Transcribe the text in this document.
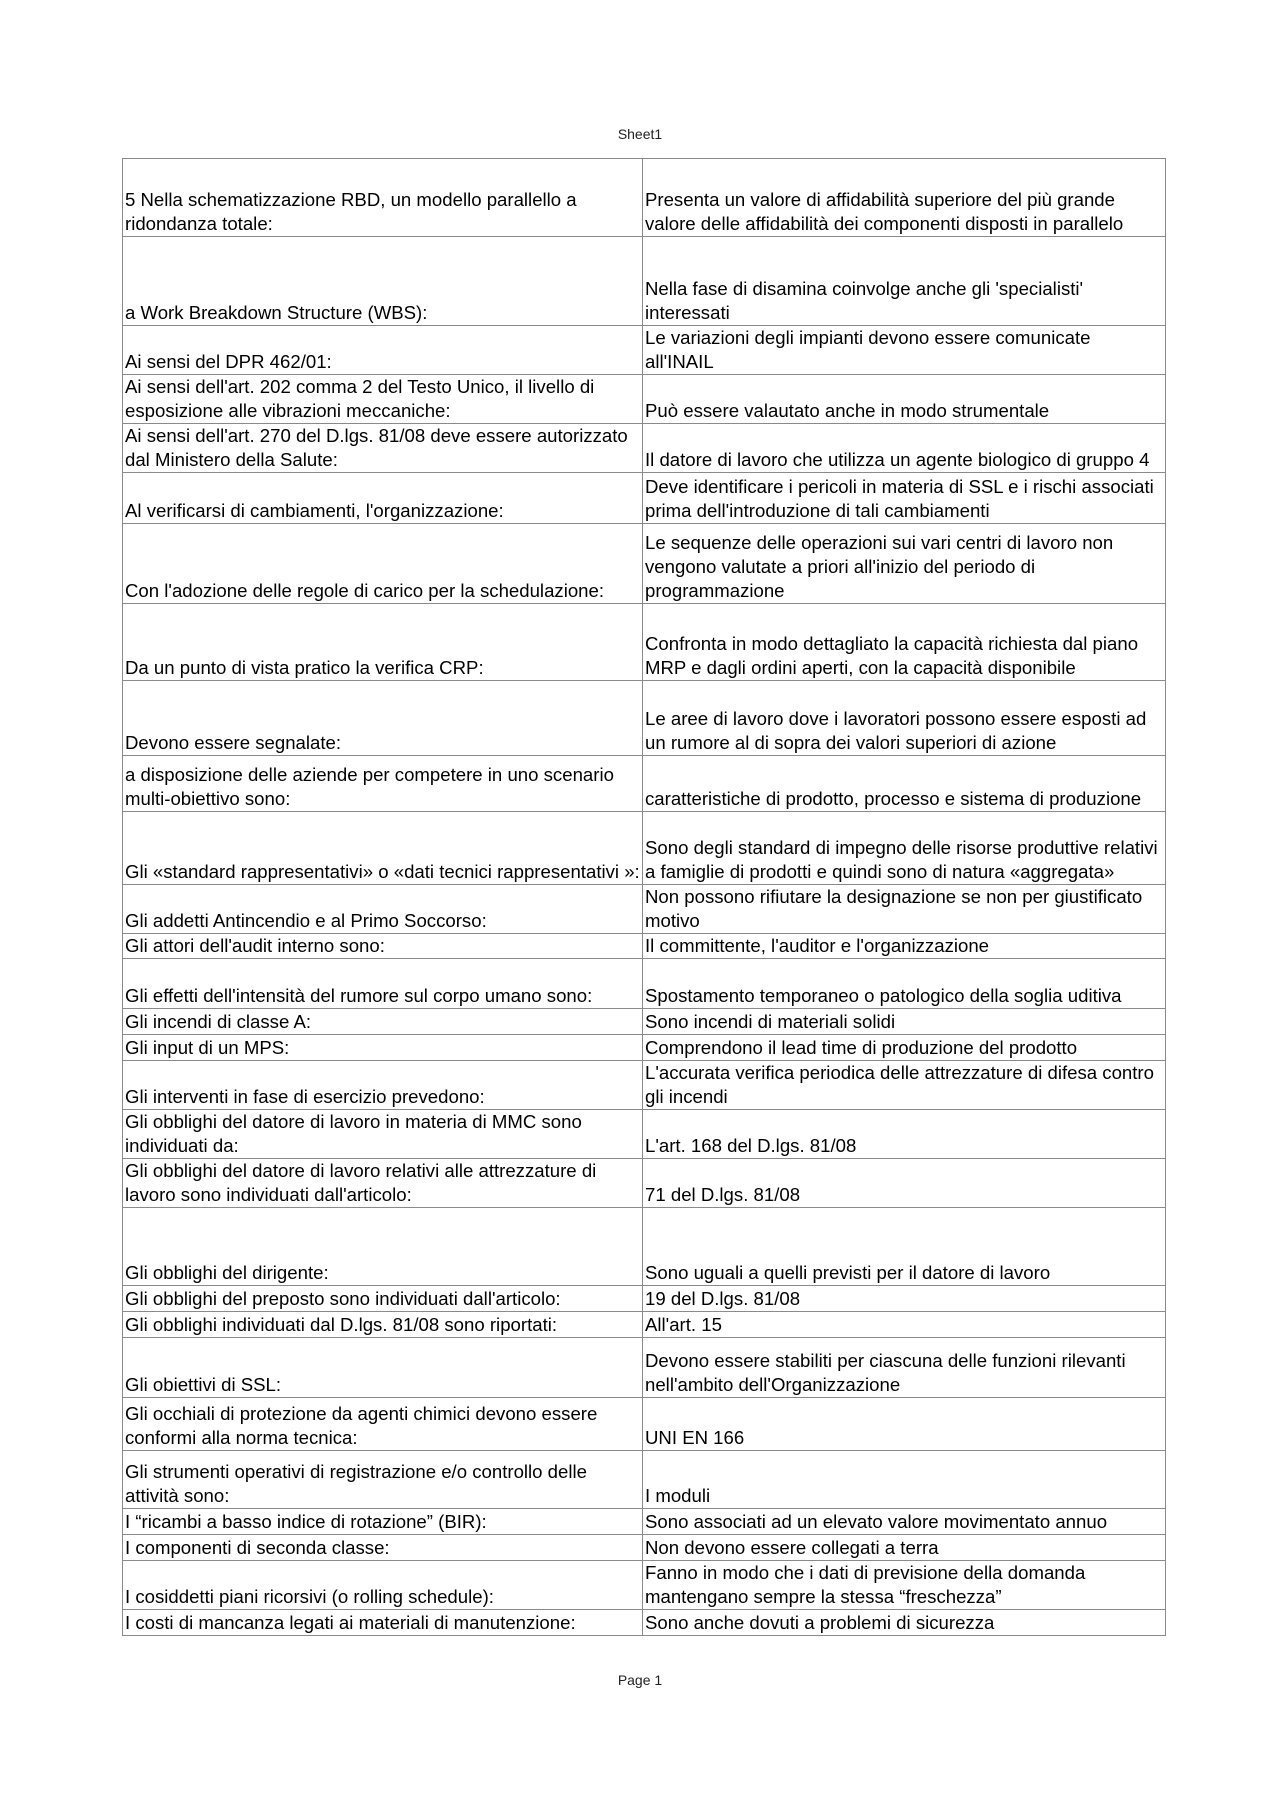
Sheet1
5 Nella schematizzazione RBD, un modello parallello a ridondanza totale:	Presenta un valore di affidabilità superiore del più grande valore delle affidabilità dei componenti disposti in parallelo
a Work Breakdown Structure (WBS):	Nella fase di disamina coinvolge anche gli 'specialisti' interessati
Ai sensi del DPR 462/01:	Le variazioni degli impianti devono essere comunicate all'INAIL
Ai sensi dell'art. 202 comma 2 del Testo Unico, il livello di esposizione alle vibrazioni meccaniche:	Può essere valautato anche in modo strumentale
Ai sensi dell'art. 270 del D.lgs. 81/08 deve essere autorizzato dal Ministero della Salute:	Il datore di lavoro che utilizza un agente biologico di gruppo 4
Al verificarsi di cambiamenti, l'organizzazione:	Deve identificare i pericoli in materia di SSL e i rischi associati prima dell'introduzione di tali cambiamenti
Con l'adozione delle regole di carico per la schedulazione:	Le sequenze delle operazioni sui vari centri di lavoro non vengono valutate a priori all'inizio del periodo di programmazione
Da un punto di vista pratico la verifica CRP:	Confronta in modo dettagliato la capacità richiesta dal piano MRP e dagli ordini aperti, con la capacità disponibile
Devono essere segnalate:	Le aree di lavoro dove i lavoratori possono essere esposti ad un rumore al di sopra dei valori superiori di azione
a disposizione delle aziende per competere in uno scenario multi-obiettivo sono:	caratteristiche di prodotto, processo e sistema di produzione
Gli «standard rappresentativi» o «dati tecnici rappresentativi »:	Sono degli standard di impegno delle risorse produttive relativi a famiglie di prodotti e quindi sono di natura «aggregata»
Gli addetti Antincendio e al Primo Soccorso:	Non possono rifiutare la designazione se non per giustificato motivo
Gli attori dell'audit interno sono:	Il committente, l'auditor e l'organizzazione
Gli effetti dell'intensità del rumore sul corpo umano sono:	Spostamento temporaneo o patologico della soglia uditiva
Gli incendi di classe A:	Sono incendi di materiali solidi
Gli input di un MPS:	Comprendono il lead time di produzione del prodotto
Gli interventi in fase di esercizio prevedono:	L'accurata verifica periodica delle attrezzature di difesa contro gli incendi
Gli obblighi del datore di lavoro in materia di MMC sono individuati da:	L'art. 168 del D.lgs. 81/08
Gli obblighi del datore di lavoro relativi alle attrezzature di lavoro sono individuati dall'articolo:	71 del D.lgs. 81/08
Gli obblighi del dirigente:	Sono uguali a quelli previsti per il datore di lavoro
Gli obblighi del preposto sono individuati dall'articolo:	19 del D.lgs. 81/08
Gli obblighi individuati dal D.lgs. 81/08 sono riportati:	All'art. 15
Gli obiettivi di SSL:	Devono essere stabiliti per ciascuna delle funzioni rilevanti nell'ambito dell'Organizzazione
Gli occhiali di protezione da agenti chimici devono essere conformi alla norma tecnica:	UNI EN 166
Gli strumenti operativi di registrazione e/o controllo delle attività sono:	I moduli
I “ricambi a basso indice di rotazione” (BIR):	Sono associati ad un elevato valore movimentato annuo
I componenti di seconda classe:	Non devono essere collegati a terra
I cosiddetti piani ricorsivi (o rolling schedule):	Fanno in modo che i dati di previsione della domanda mantengano sempre la stessa “freschezza”
I costi di mancanza legati ai materiali di manutenzione:	Sono anche dovuti a problemi di sicurezza
Page 1
